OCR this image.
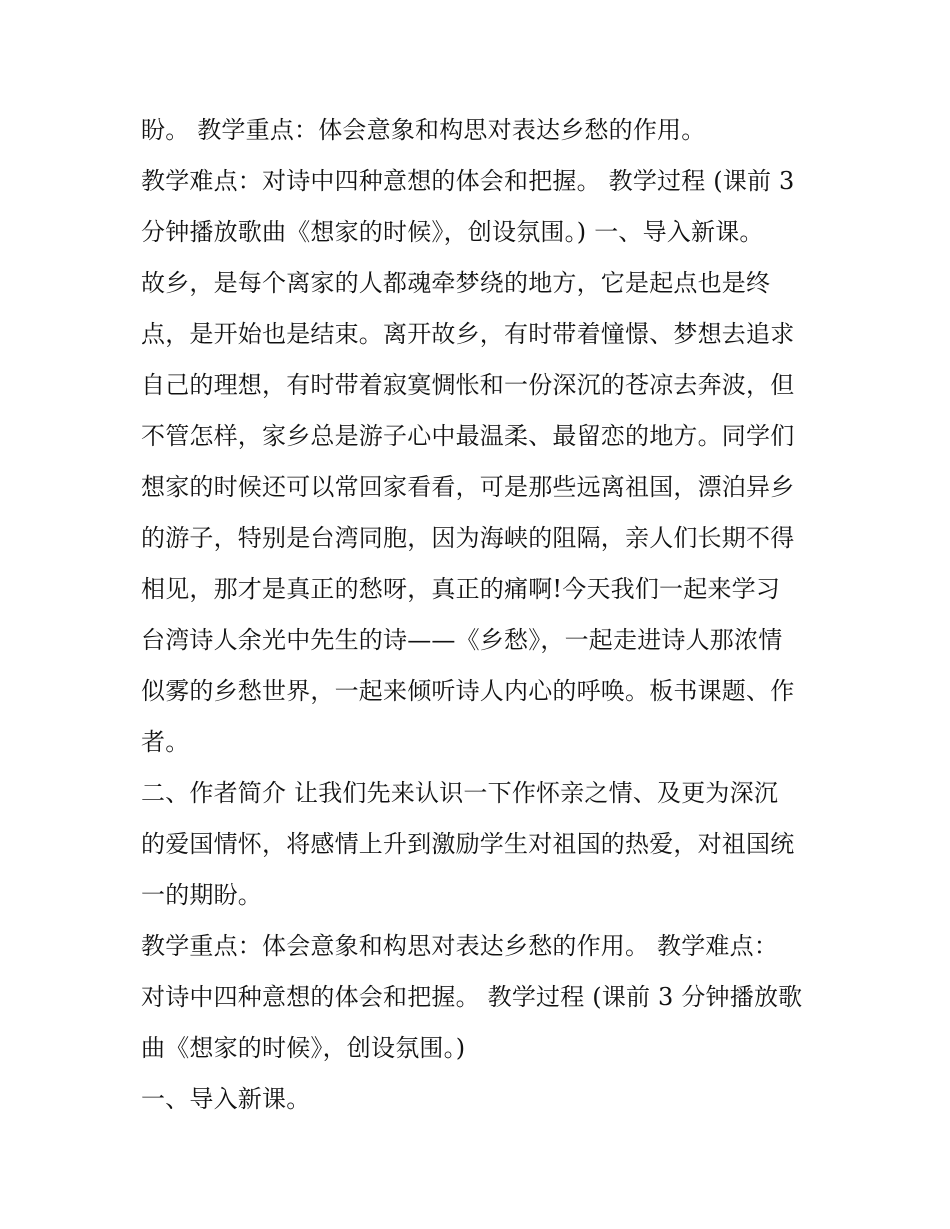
盼。 教学重点：体会意象和构思对表达乡愁的作用。
教学难点：对诗中四种意想的体会和把握。 教学过程 (课前 3
分钟播放歌曲《想家的时候》，创设氛围。) 一、导入新课。
故乡，是每个离家的人都魂牵梦绕的地方，它是起点也是终
点，是开始也是结束。离开故乡，有时带着憧憬、梦想去追求
自己的理想，有时带着寂寞惆怅和一份深沉的苍凉去奔波，但
不管怎样，家乡总是游子心中最温柔、最留恋的地方。同学们
想家的时候还可以常回家看看，可是那些远离祖国，漂泊异乡
的游子，特别是台湾同胞，因为海峡的阻隔，亲人们长期不得
相见，那才是真正的愁呀，真正的痛啊!今天我们一起来学习
台湾诗人余光中先生的诗——《乡愁》，一起走进诗人那浓情
似雾的乡愁世界，一起来倾听诗人内心的呼唤。板书课题、作
者。
二、作者简介 让我们先来认识一下作怀亲之情、及更为深沉
的爱国情怀，将感情上升到激励学生对祖国的热爱，对祖国统
一的期盼。
教学重点：体会意象和构思对表达乡愁的作用。 教学难点：
对诗中四种意想的体会和把握。 教学过程 (课前 3 分钟播放歌
曲《想家的时候》，创设氛围。)
一、导入新课。
